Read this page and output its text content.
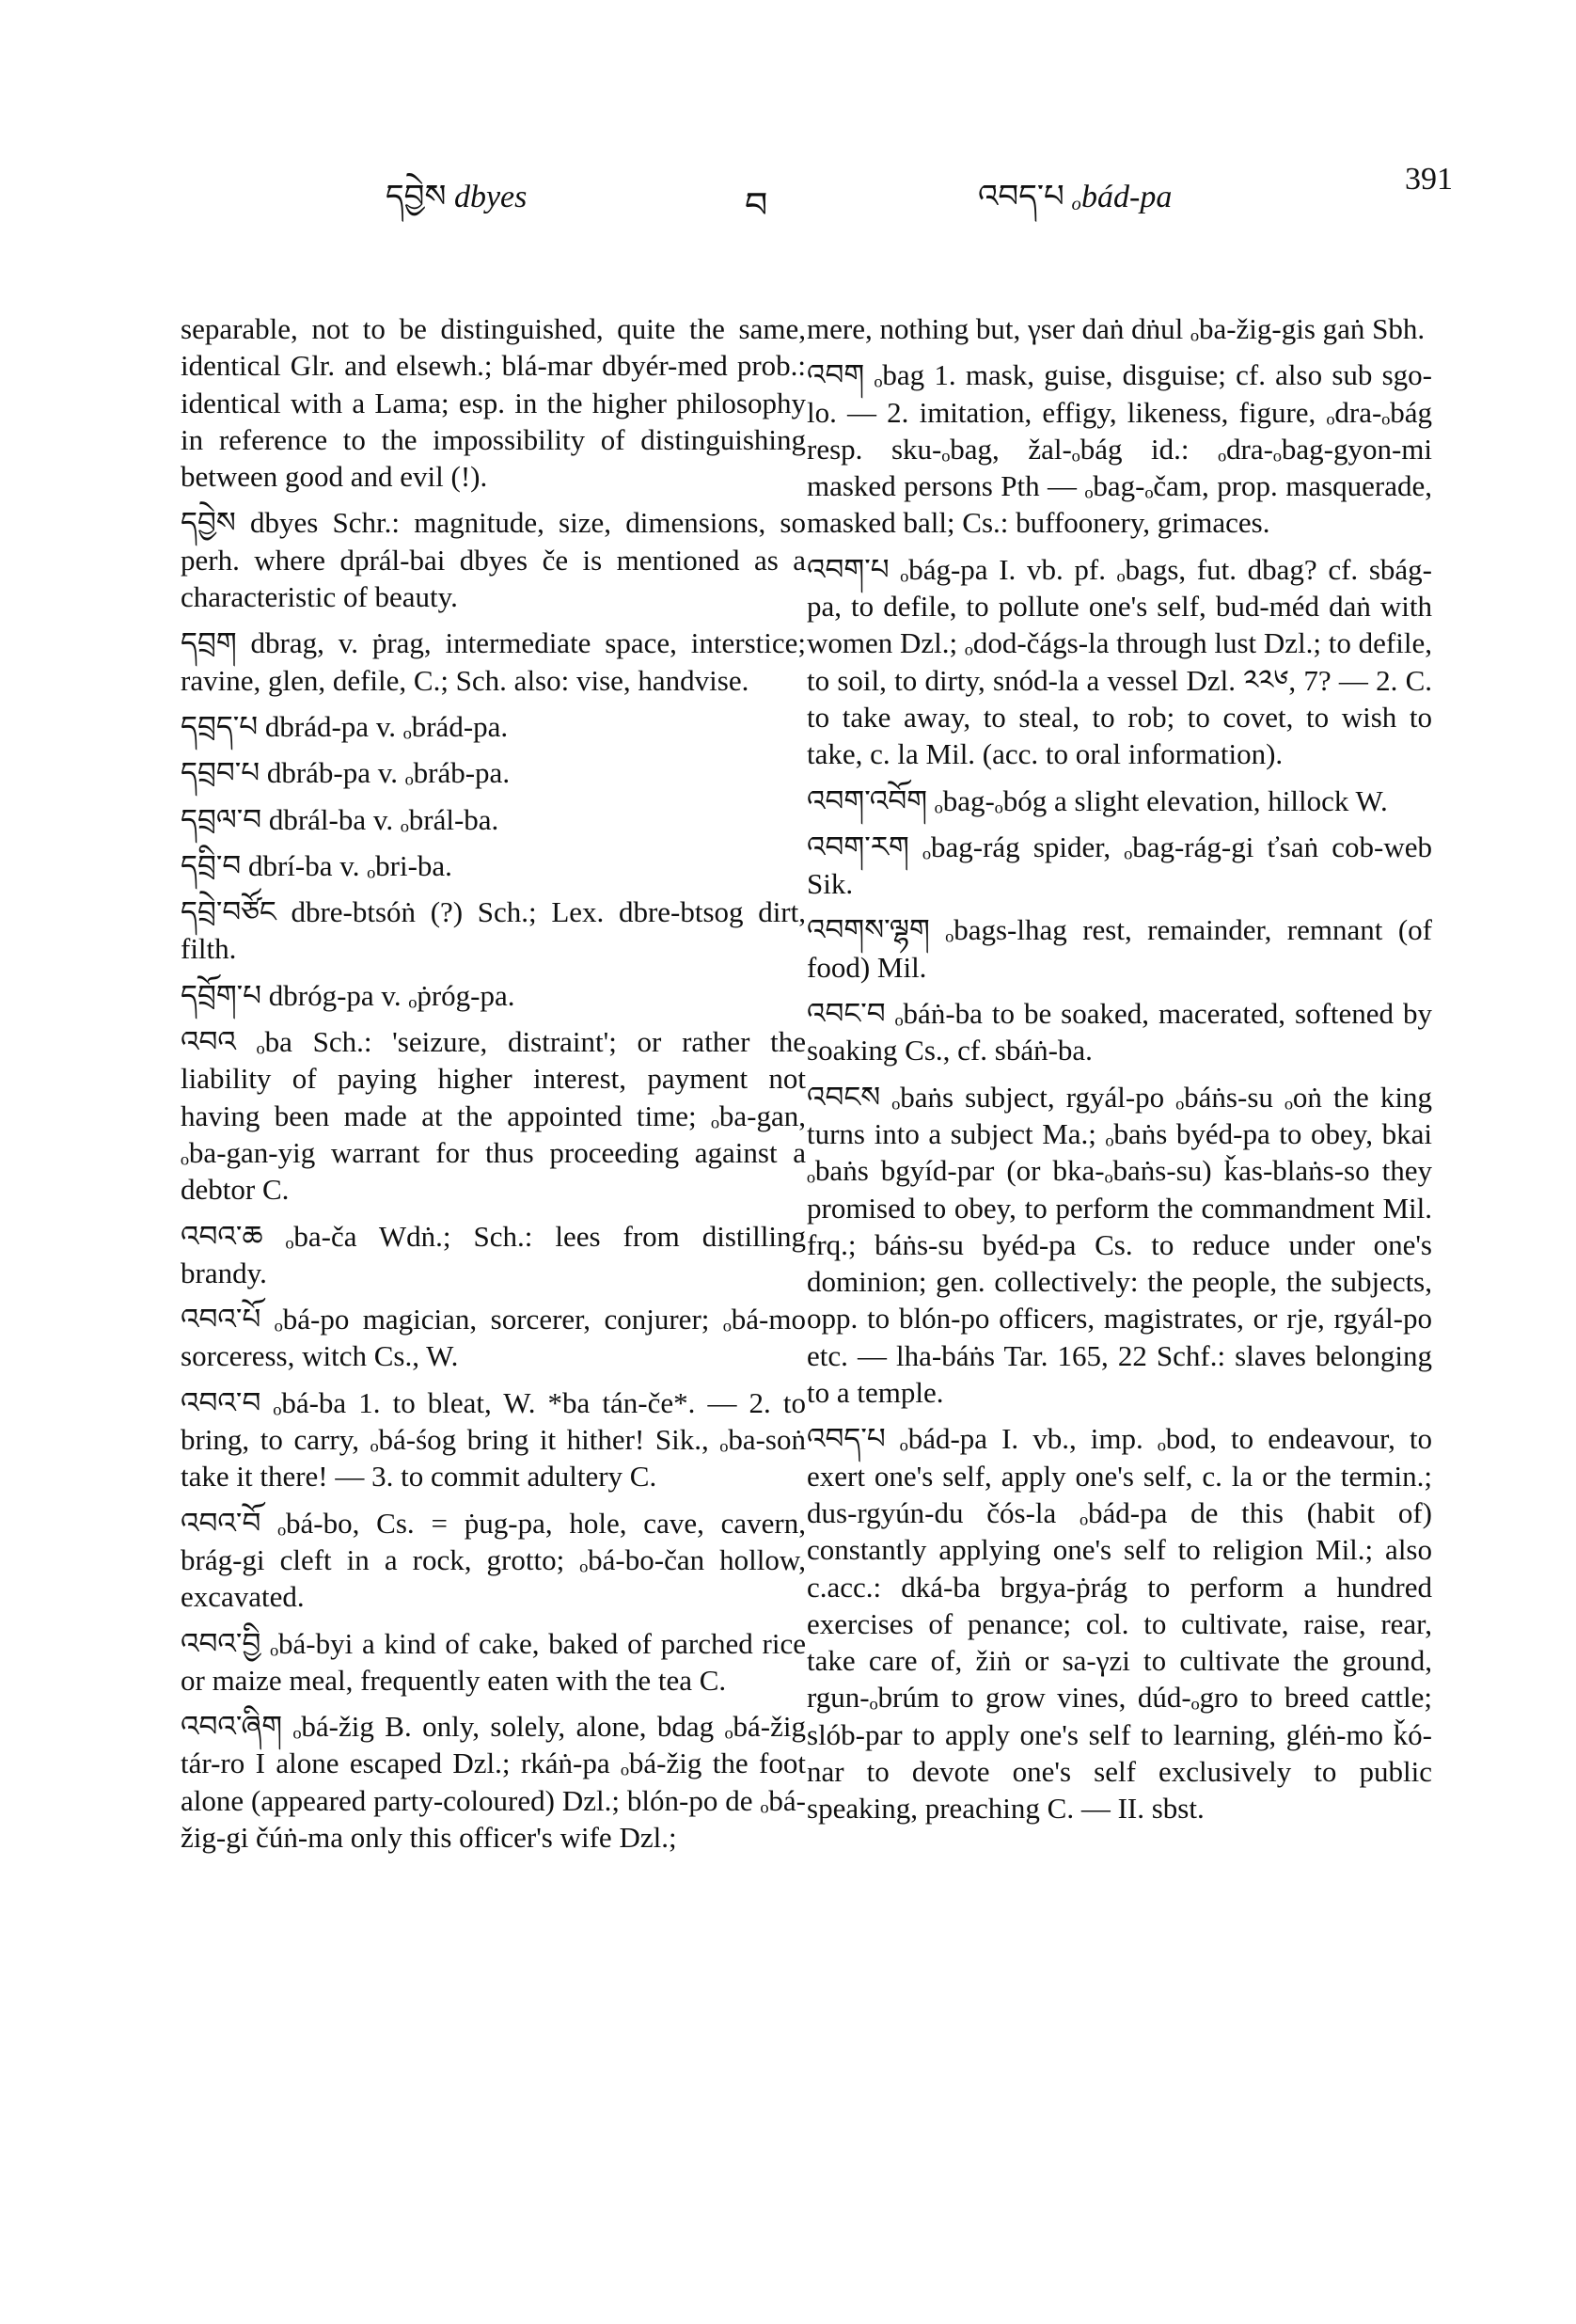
དབྱེས dbyes	བ	འབད་པ ₒbád-pa
391

separable, not to be distinguished, quite the same, identical Glr. and elsewh.; blá-mar dbyér-med prob.: identical with a Lama; esp. in the higher philosophy in reference to the impossibility of distinguishing between good and evil (!).

དབྱེས dbyes Schr.: magnitude, size, dimensions, so perh. where dprál-bai dbyes če is mentioned as a characteristic of beauty.

དབྲག dbrag, v. ṗrag, intermediate space, interstice; ravine, glen, defile, C.; Sch. also: vise, handvise.

དབྲད་པ dbrád-pa v. ₒbrád-pa.

དབྲབ་པ dbráb-pa v. ₒbráb-pa.

དབྲལ་བ dbrál-ba v. ₒbrál-ba.

དབྲི་བ dbrí-ba v. ₒbri-ba.

དབྲེ་བཙོང dbre-btsóṅ (?) Sch.; Lex. dbre-btsog dirt, filth.

དབྲོག་པ dbróg-pa v. ₒṗróg-pa.

འབའ ₒba Sch.: 'seizure, distraint'; or rather the liability of paying higher interest, payment not having been made at the appointed time; ₒba-gan, ₒba-gan-yig warrant for thus proceeding against a debtor C.

འབའ་ཆ ₒba-ča Wdṅ.; Sch.: lees from distilling brandy.

འབའ་པོ ₒbá-po magician, sorcerer, conjurer; ₒbá-mo sorceress, witch Cs., W.

འབའ་བ ₒbá-ba 1. to bleat, W. *ba tán-če*. — 2. to bring, to carry, ₒbá-śog bring it hither! Sik., ₒba-soṅ take it there! — 3. to commit adultery C.

འབའ་བོ ₒbá-bo, Cs. = ṗug-pa, hole, cave, cavern, brág-gi cleft in a rock, grotto; ₒbá-bo-čan hollow, excavated.

འབའ་བྱི ₒbá-byi a kind of cake, baked of parched rice or maize meal, frequently eaten with the tea C.

འབའ་ཞིག ₒbá-žig B. only, solely, alone, bdag ₒbá-žig tár-ro I alone escaped Dzl.; rkáṅ-pa ₒbá-žig the foot alone (appeared party-coloured) Dzl.; blón-po de ₒbá-žig-gi čúṅ-ma only this officer's wife Dzl.;

mere, nothing but, γser daṅ dṅul ₒba-žig-gis gaṅ Sbh.

འབག ₒbag 1. mask, guise, disguise; cf. also sub sgo-lo. — 2. imitation, effigy, likeness, figure, ₒdra-ₒbág resp. sku-ₒbag, žal-ₒbág id.: ₒdra-ₒbag-gyon-mi masked persons Pth — ₒbag-ₒčam, prop. masquerade, masked ball; Cs.: buffoonery, grimaces.

འབག་པ ₒbág-pa I. vb. pf. ₒbags, fut. dbag? cf. sbág-pa, to defile, to pollute one's self, bud-méd daṅ with women Dzl.; ₒdod-čágs-la through lust Dzl.; to defile, to soil, to dirty, snód-la a vessel Dzl. ༢༢༦, 7? — 2. C. to take away, to steal, to rob; to covet, to wish to take, c. la Mil. (acc. to oral information).

འབག་འབོག ₒbag-ₒbóg a slight elevation, hillock W.

འབག་རག ₒbag-rág spider, ₒbag-rág-gi ťsaṅ cob-web Sik.

འབགས་ལྷག ₒbags-lhag rest, remainder, remnant (of food) Mil.

འབང་བ ₒbáṅ-ba to be soaked, macerated, softened by soaking Cs., cf. sbáṅ-ba.

འབངས ₒbaṅs subject, rgyál-po ₒbáṅs-su ₒoṅ the king turns into a subject Ma.; ₒbaṅs byéd-pa to obey, bkai ₒbaṅs bgyíd-par (or bka-ₒbaṅs-su) ǩas-blaṅs-so they promised to obey, to perform the commandment Mil. frq.; báṅs-su byéd-pa Cs. to reduce under one's dominion; gen. collectively: the people, the subjects, opp. to blón-po officers, magistrates, or rje, rgyál-po etc. — lha-báṅs Tar. 165, 22 Schf.: slaves belonging to a temple.

འབད་པ ₒbád-pa I. vb., imp. ₒbod, to endeavour, to exert one's self, apply one's self, c. la or the termin.; dus-rgyún-du čós-la ₒbád-pa de this (habit of) constantly applying one's self to religion Mil.; also c.acc.: dká-ba brgya-ṗrág to perform a hundred exercises of penance; col. to cultivate, raise, rear, take care of, žiṅ or sa-γzi to cultivate the ground, rgun-ₒbrúm to grow vines, dúd-ₒgro to breed cattle; slób-par to apply one's self to learning, gléṅ-mo ǩó-nar to devote one's self exclusively to public speaking, preaching C. — II. sbst.
